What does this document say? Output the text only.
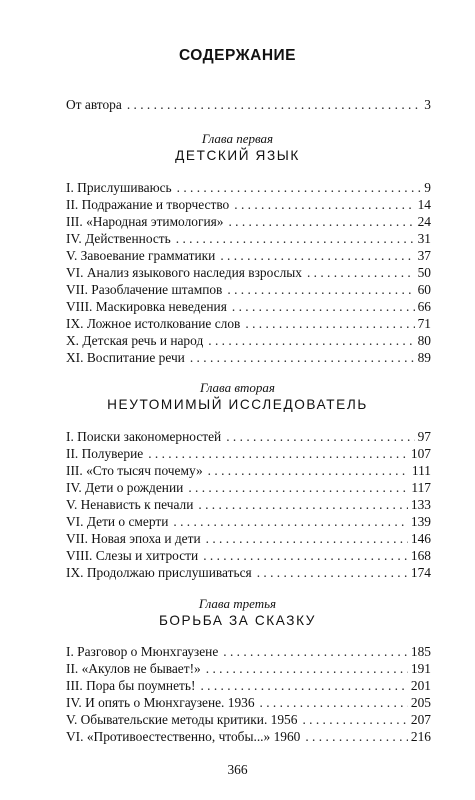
СОДЕРЖАНИЕ
От автора . . .	3
Глава первая
ДЕТСКИЙ ЯЗЫК
I. Прислушиваюсь . . .	9
II. Подражание и творчество . . .	14
III. «Народная этимология» . . .	24
IV. Действенность . . .	31
V. Завоевание грамматики . . .	37
VI. Анализ языкового наследия взрослых . . .	50
VII. Разоблачение штампов . . .	60
VIII. Маскировка неведения . . .	66
IX. Ложное истолкование слов . . .	71
X. Детская речь и народ . . .	80
XI. Воспитание речи . . .	89
Глава вторая
НЕУТОМИМЫЙ ИССЛЕДОВАТЕЛЬ
I. Поиски закономерностей . . .	97
II. Полуверие . . .	107
III. «Сто тысяч почему» . . .	111
IV. Дети о рождении . . .	117
V. Ненависть к печали . . .	133
VI. Дети о смерти . . .	139
VII. Новая эпоха и дети . . .	146
VIII. Слезы и хитрости . . .	168
IX. Продолжаю прислушиваться . . .	174
Глава третья
БОРЬБА ЗА СКАЗКУ
I. Разговор о Мюнхгаузене . . .	185
II. «Акулов не бывает!» . . .	191
III. Пора бы поумнеть! . . .	201
IV. И опять о Мюнхгаузене. 1936 . . .	205
V. Обывательские методы критики. 1956 . . .	207
VI. «Противоестественно, чтобы...» 1960 . . .	216
366
